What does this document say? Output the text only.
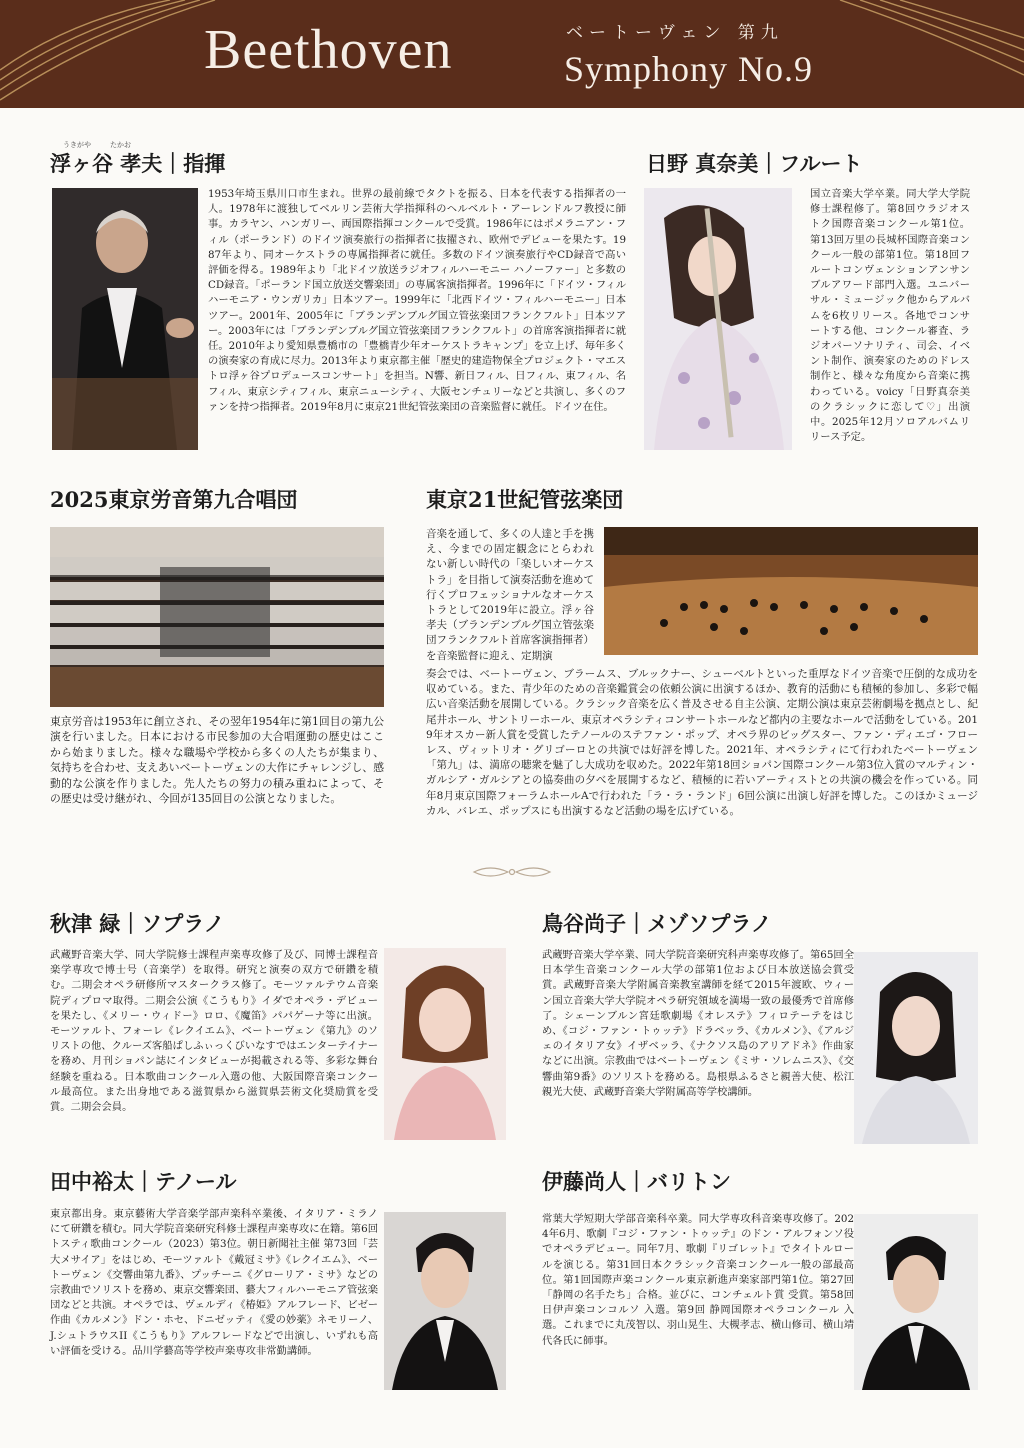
Beethoven	ベートーヴェン 第九
Symphony No.9
うきがや	たかお
浮ヶ谷 孝夫｜指揮
1953年埼玉県川口市生まれ。世界の最前線でタクトを振る、日本を代表する指揮者の一人。1978年に渡独してベルリン芸術大学指揮科のヘルベルト・アーレンドルフ教授に師事。カラヤン、ハンガリー、両国際指揮コンクールで受賞。1986年にはポメラニアン・フィル（ポーランド）のドイツ演奏旅行の指揮者に抜擢され、欧州でデビューを果たす。1987年より、同オーケストラの専属指揮者に就任。多数のドイツ演奏旅行やCD録音で高い評価を得る。1989年より「北ドイツ放送ラジオフィルハーモニー ハノーファー」と多数のCD録音。「ポーランド国立放送交響楽団」の専属客演指揮者。1996年に「ドイツ・フィルハーモニア・ウンガリカ」日本ツアー。1999年に「北西ドイツ・フィルハーモニー」日本ツアー。2001年、2005年に「ブランデンブルグ国立管弦楽団フランクフルト」日本ツアー。2003年には「ブランデンブルグ国立管弦楽団フランクフルト」の首席客演指揮者に就任。2010年より愛知県豊橋市の「豊橋青少年オーケストラキャンプ」を立上げ、毎年多くの演奏家の育成に尽力。2013年より東京都主催「歴史的建造物保全プロジェクト・マエストロ浮ヶ谷プロデュースコンサート」を担当。N響、新日フィル、日フィル、東フィル、名フィル、東京シティフィル、東京ニューシティ、大阪センチュリーなどと共演し、多くのファンを持つ指揮者。2019年8月に東京21世紀管弦楽団の音楽監督に就任。ドイツ在住。
日野 真奈美｜フルート
国立音楽大学卒業。同大学大学院修士課程修了。第8回ウラジオストク国際音楽コンクール第1位。第13回万里の長城杯国際音楽コンクール一般の部第1位。第18回フルートコンヴェンションアンサンブルアワード部門入選。ユニバーサル・ミュージック他からアルバムを6枚リリース。各地でコンサートする他、コンクール審査、ラジオパーソナリティ、司会、イベント制作、演奏家のためのドレス制作と、様々な角度から音楽に携わっている。voicy「日野真奈美のクラシックに恋して♡」出演中。2025年12月ソロアルバムリリース予定。
2025東京労音第九合唱団
東京労音は1953年に創立され、その翌年1954年に第1回目の第九公演を行いました。日本における市民参加の大合唱運動の歴史はここから始まりました。様々な職場や学校から多くの人たちが集まり、気持ちを合わせ、支えあいベートーヴェンの大作にチャレンジし、感動的な公演を作りました。先人たちの努力の積み重ねによって、その歴史は受け継がれ、今回が135回目の公演となりました。
東京21世紀管弦楽団
音楽を通して、多くの人達と手を携え、今までの固定観念にとらわれない新しい時代の「楽しいオーケストラ」を目指して演奏活動を進めて行くプロフェッショナルなオーケストラとして2019年に設立。浮ヶ谷孝夫（ブランデンブルグ国立管弦楽団フランクフルト首席客演指揮者）を音楽監督に迎え、定期演
奏会では、ベートーヴェン、ブラームス、ブルックナー、シューベルトといった重厚なドイツ音楽で圧倒的な成功を収めている。また、青少年のための音楽鑑賞会の依頼公演に出演するほか、教育的活動にも積極的参加し、多彩で幅広い音楽活動を展開している。クラシック音楽を広く普及させる自主公演、定期公演は東京芸術劇場を拠点とし、紀尾井ホール、サントリーホール、東京オペラシティコンサートホールなど都内の主要なホールで活動をしている。2019年オスカー新人賞を受賞したテノールのステファン・ポップ、オペラ界のビッグスター、ファン・ディエゴ・フローレス、ヴィットリオ・グリゴーロとの共演では好評を博した。2021年、オペラシティにて行われたベートーヴェン「第九」は、満席の聴衆を魅了し大成功を収めた。2022年第18回ショパン国際コンクール第3位入賞のマルティン・ガルシア・ガルシアとの協奏曲の夕べを展開するなど、積極的に若いアーティストとの共演の機会を作っている。同年8月東京国際フォーラムホールAで行われた「ラ・ラ・ランド」6回公演に出演し好評を博した。このほかミュージカル、バレエ、ポップスにも出演するなど活動の場を広げている。
秋津 緑｜ソプラノ
武蔵野音楽大学、同大学院修士課程声楽専攻修了及び、同博士課程音楽学専攻で博士号（音楽学）を取得。研究と演奏の双方で研鑽を積む。二期会オペラ研修所マスタークラス修了。モーツァルテウム音楽院ディプロマ取得。二期会公演《こうもり》イダでオペラ・デビューを果たし、《メリー・ウィドー》ロロ、《魔笛》パパゲーナ等に出演。モーツァルト、フォーレ《レクイエム》、ベートーヴェン《第九》のソリストの他、クルーズ客船ぱしふぃっくびいなすではエンターテイナーを務め、月刊ショパン誌にインタビューが掲載される等、多彩な舞台経験を重ねる。日本歌曲コンクール入選の他、大阪国際音楽コンクール最高位。また出身地である滋賀県から滋賀県芸術文化奨励賞を受賞。二期会会員。
鳥谷尚子｜メゾソプラノ
武蔵野音楽大学卒業、同大学院音楽研究科声楽専攻修了。第65回全日本学生音楽コンクール大学の部第1位および日本放送協会賞受賞。武蔵野音楽大学附属音楽教室講師を経て2015年渡欧、ウィーン国立音楽大学大学院オペラ研究領域を満場一致の最優秀で首席修了。シェーンブルン宮廷歌劇場《オレステ》フィロテーテをはじめ、《コジ・ファン・トゥッテ》ドラベッラ、《カルメン》、《アルジェのイタリア女》イザベッラ、《ナクソス島のアリアドネ》作曲家などに出演。宗教曲ではベートーヴェン《ミサ・ソレムニス》、《交響曲第9番》のソリストを務める。島根県ふるさと親善大使、松江親光大使、武蔵野音楽大学附属高等学校講師。
田中裕太｜テノール
東京都出身。東京藝術大学音楽学部声楽科卒業後、イタリア・ミラノにて研鑽を積む。同大学院音楽研究科修士課程声楽専攻に在籍。第6回トスティ歌曲コンクール（2023）第3位。朝日新聞社主催 第73回「芸大メサイア」をはじめ、モーツァルト《戴冠ミサ》《レクイエム》、ベートーヴェン《交響曲第九番》、プッチーニ《グローリア・ミサ》などの宗教曲でソリストを務め、東京交響楽団、藝大フィルハーモニア管弦楽団などと共演。オペラでは、ヴェルディ《椿姫》アルフレード、ビゼー作曲《カルメン》ドン・ホセ、ドニゼッティ《愛の妙薬》ネモリーノ、J.シュトラウスII《こうもり》アルフレードなどで出演し、いずれも高い評価を受ける。品川学藝高等学校声楽専攻非常勤講師。
伊藤尚人｜バリトン
常葉大学短期大学部音楽科卒業。同大学専攻科音楽専攻修了。2024年6月、歌劇『コジ・ファン・トゥッテ』のドン・アルフォンソ役でオペラデビュー。同年7月、歌劇『リゴレット』でタイトルロールを演じる。第31回日本クラシック音楽コンクール一般の部最高位。第1回国際声楽コンクール東京新進声楽家部門第1位。第27回「静岡の名手たち」合格。並びに、コンチェルト賞 受賞。第58回日伊声楽コンコルソ 入選。第9回 静岡国際オペラコンクール 入選。これまでに丸茂智以、羽山晃生、大槻孝志、横山修司、横山靖代各氏に師事。
